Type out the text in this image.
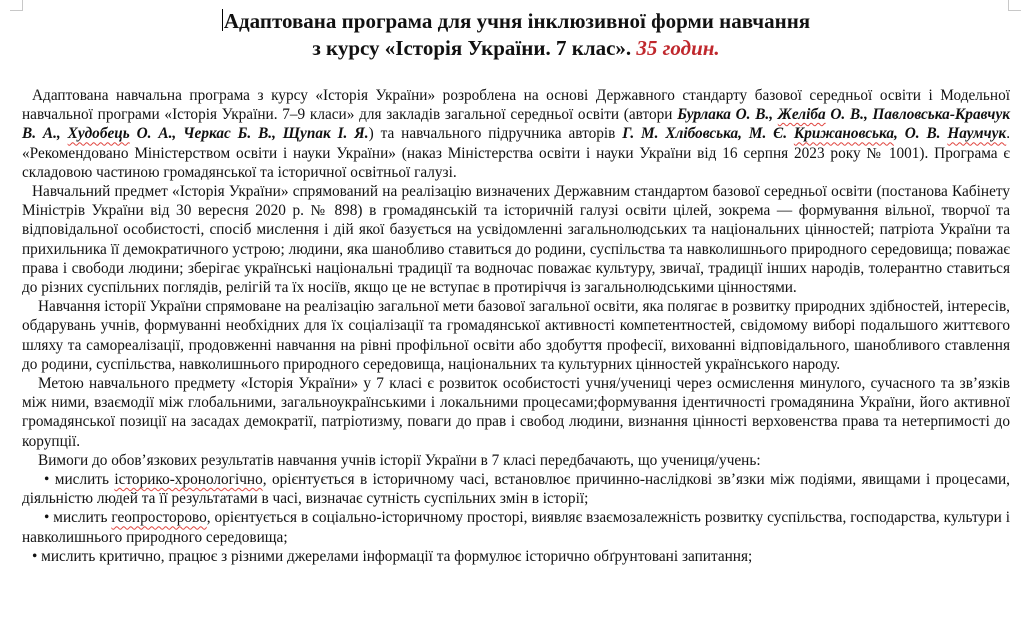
Адаптована програма для учня інклюзивної форми навчання
з курсу «Історія України. 7 клас». 35 годин.

Адаптована навчальна програма з курсу «Історія України» розроблена на основі Державного стандарту базової середньої освіти і Модельної навчальної програми «Історія України. 7–9 класи» для закладів загальної середньої освіти (автори Бурлака О. В., Желіба О. В., Павловська-Кравчук В. А., Худобець О. А., Черкас Б. В., Щупак І. Я.) та навчального підручника авторів Г. М. Хлібовська, М. Є. Крижановська, О. В. Наумчук. «Рекомендовано Міністерством освіти і науки України» (наказ Міністерства освіти і науки України від 16 серпня 2023 року № 1001). Програма є складовою частиною громадянської та історичної освітньої галузі.

Навчальний предмет «Історія України» спрямований на реалізацію визначених Державним стандартом базової середньої освіти (постанова Кабінету Міністрів України від 30 вересня 2020 р. № 898) в громадянській та історичній галузі освіти цілей, зокрема — формування вільної, творчої та відповідальної особистості, спосіб мислення і дій якої базується на усвідомленні загальнолюдських та національних цінностей; патріота України та прихильника її демократичного устрою; людини, яка шанобливо ставиться до родини, суспільства та навколишнього природного середовища; поважає права і свободи людини; зберігає українські національні традиції та водночас поважає культуру, звичаї, традиції інших народів, толерантно ставиться до різних суспільних поглядів, релігій та їх носіїв, якщо це не вступає в протиріччя із загальнолюдськими цінностями.

Навчання історії України спрямоване на реалізацію загальної мети базової загальної освіти, яка полягає в розвитку природних здібностей, інтересів, обдарувань учнів, формуванні необхідних для їх соціалізації та громадянської активності компетентностей, свідомому виборі подальшого життєвого шляху та самореалізації, продовженні навчання на рівні профільної освіти або здобуття професії, вихованні відповідального, шанобливого ставлення до родини, суспільства, навколишнього природного середовища, національних та культурних цінностей українського народу.

Метою навчального предмету «Історія України» у 7 класі є розвиток особистості учня/учениці через осмислення минулого, сучасного та зв’язків між ними, взаємодії між глобальними, загальноукраїнськими і локальними процесами;формування ідентичності громадянина України, його активної громадянської позиції на засадах демократії, патріотизму, поваги до прав і свобод людини, визнання цінності верховенства права та нетерпимості до корупції.

Вимоги до обов’язкових результатів навчання учнів історії України в 7 класі передбачають, що учениця/учень:

• мислить історико-хронологічно, орієнтується в історичному часі, встановлює причинно-наслідкові зв’язки між подіями, явищами і процесами, діяльністю людей та її результатами в часі, визначає сутність суспільних змін в історії;

• мислить геопросторово, орієнтується в соціально-історичному просторі, виявляє взаємозалежність розвитку суспільства, господарства, культури і навколишнього природного середовища;

• мислить критично, працює з різними джерелами інформації та формулює історично обґрунтовані запитання;
